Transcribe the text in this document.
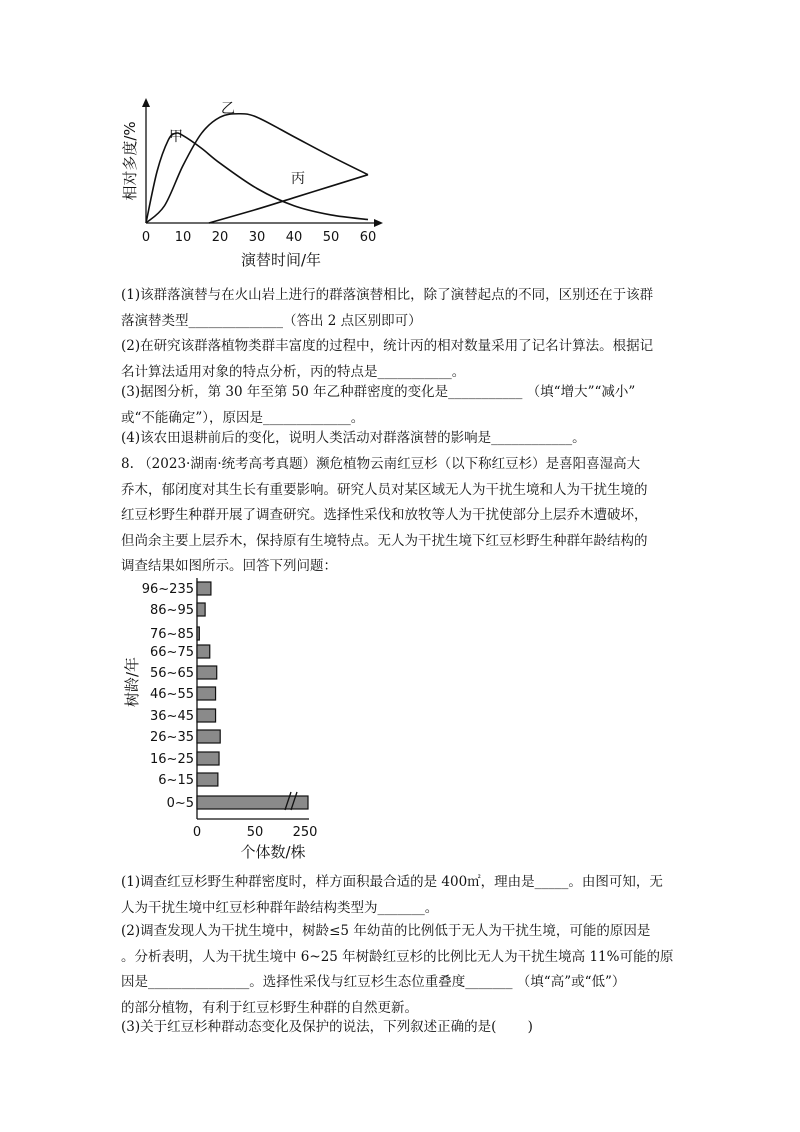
0 10 20 30 40 50 60
相对多度/%
演替时间/年
甲
乙
丙

(1)该群落演替与在火山岩上进行的群落演替相比，除了演替起点的不同，区别还在于该群
落演替类型______________（答出 2 点区别即可）

(2)在研究该群落植物类群丰富度的过程中，统计丙的相对数量采用了记名计算法。根据记
名计算法适用对象的特点分析，丙的特点是___________。

(3)据图分析，第 30 年至第 50 年乙种群密度的变化是___________ （填“增大”“减小”
或“不能确定”），原因是_____________。

(4)该农田退耕前后的变化，说明人类活动对群落演替的影响是____________。

8. （2023·湖南·统考高考真题）濒危植物云南红豆杉（以下称红豆杉）是喜阳喜湿高大
乔木，郁闭度对其生长有重要影响。研究人员对某区域无人为干扰生境和人为干扰生境的
红豆杉野生种群开展了调查研究。选择性采伐和放牧等人为干扰使部分上层乔木遭破坏，
但尚余主要上层乔木，保持原有生境特点。无人为干扰生境下红豆杉野生种群年龄结构的
调查结果如图所示。回答下列问题：

96~235
86~95
76~85
66~75
56~65
46~55
36~45
26~35
16~25
6~15
0~5
0	50 250
树龄/年
个体数/株

(1)调查红豆杉野生种群密度时，样方面积最合适的是 400㎡，理由是_____。由图可知，无
人为干扰生境中红豆杉种群年龄结构类型为_______。

(2)调查发现人为干扰生境中，树龄≤5 年幼苗的比例低于无人为干扰生境，可能的原因是
。分析表明，人为干扰生境中 6~25 年树龄红豆杉的比例比无人为干扰生境高 11%可能的原
因是_______________。选择性采伐与红豆杉生态位重叠度_______ （填“高”或“低”）
的部分植物，有利于红豆杉野生种群的自然更新。

(3)关于红豆杉种群动态变化及保护的说法，下列叙述正确的是(　　 )
